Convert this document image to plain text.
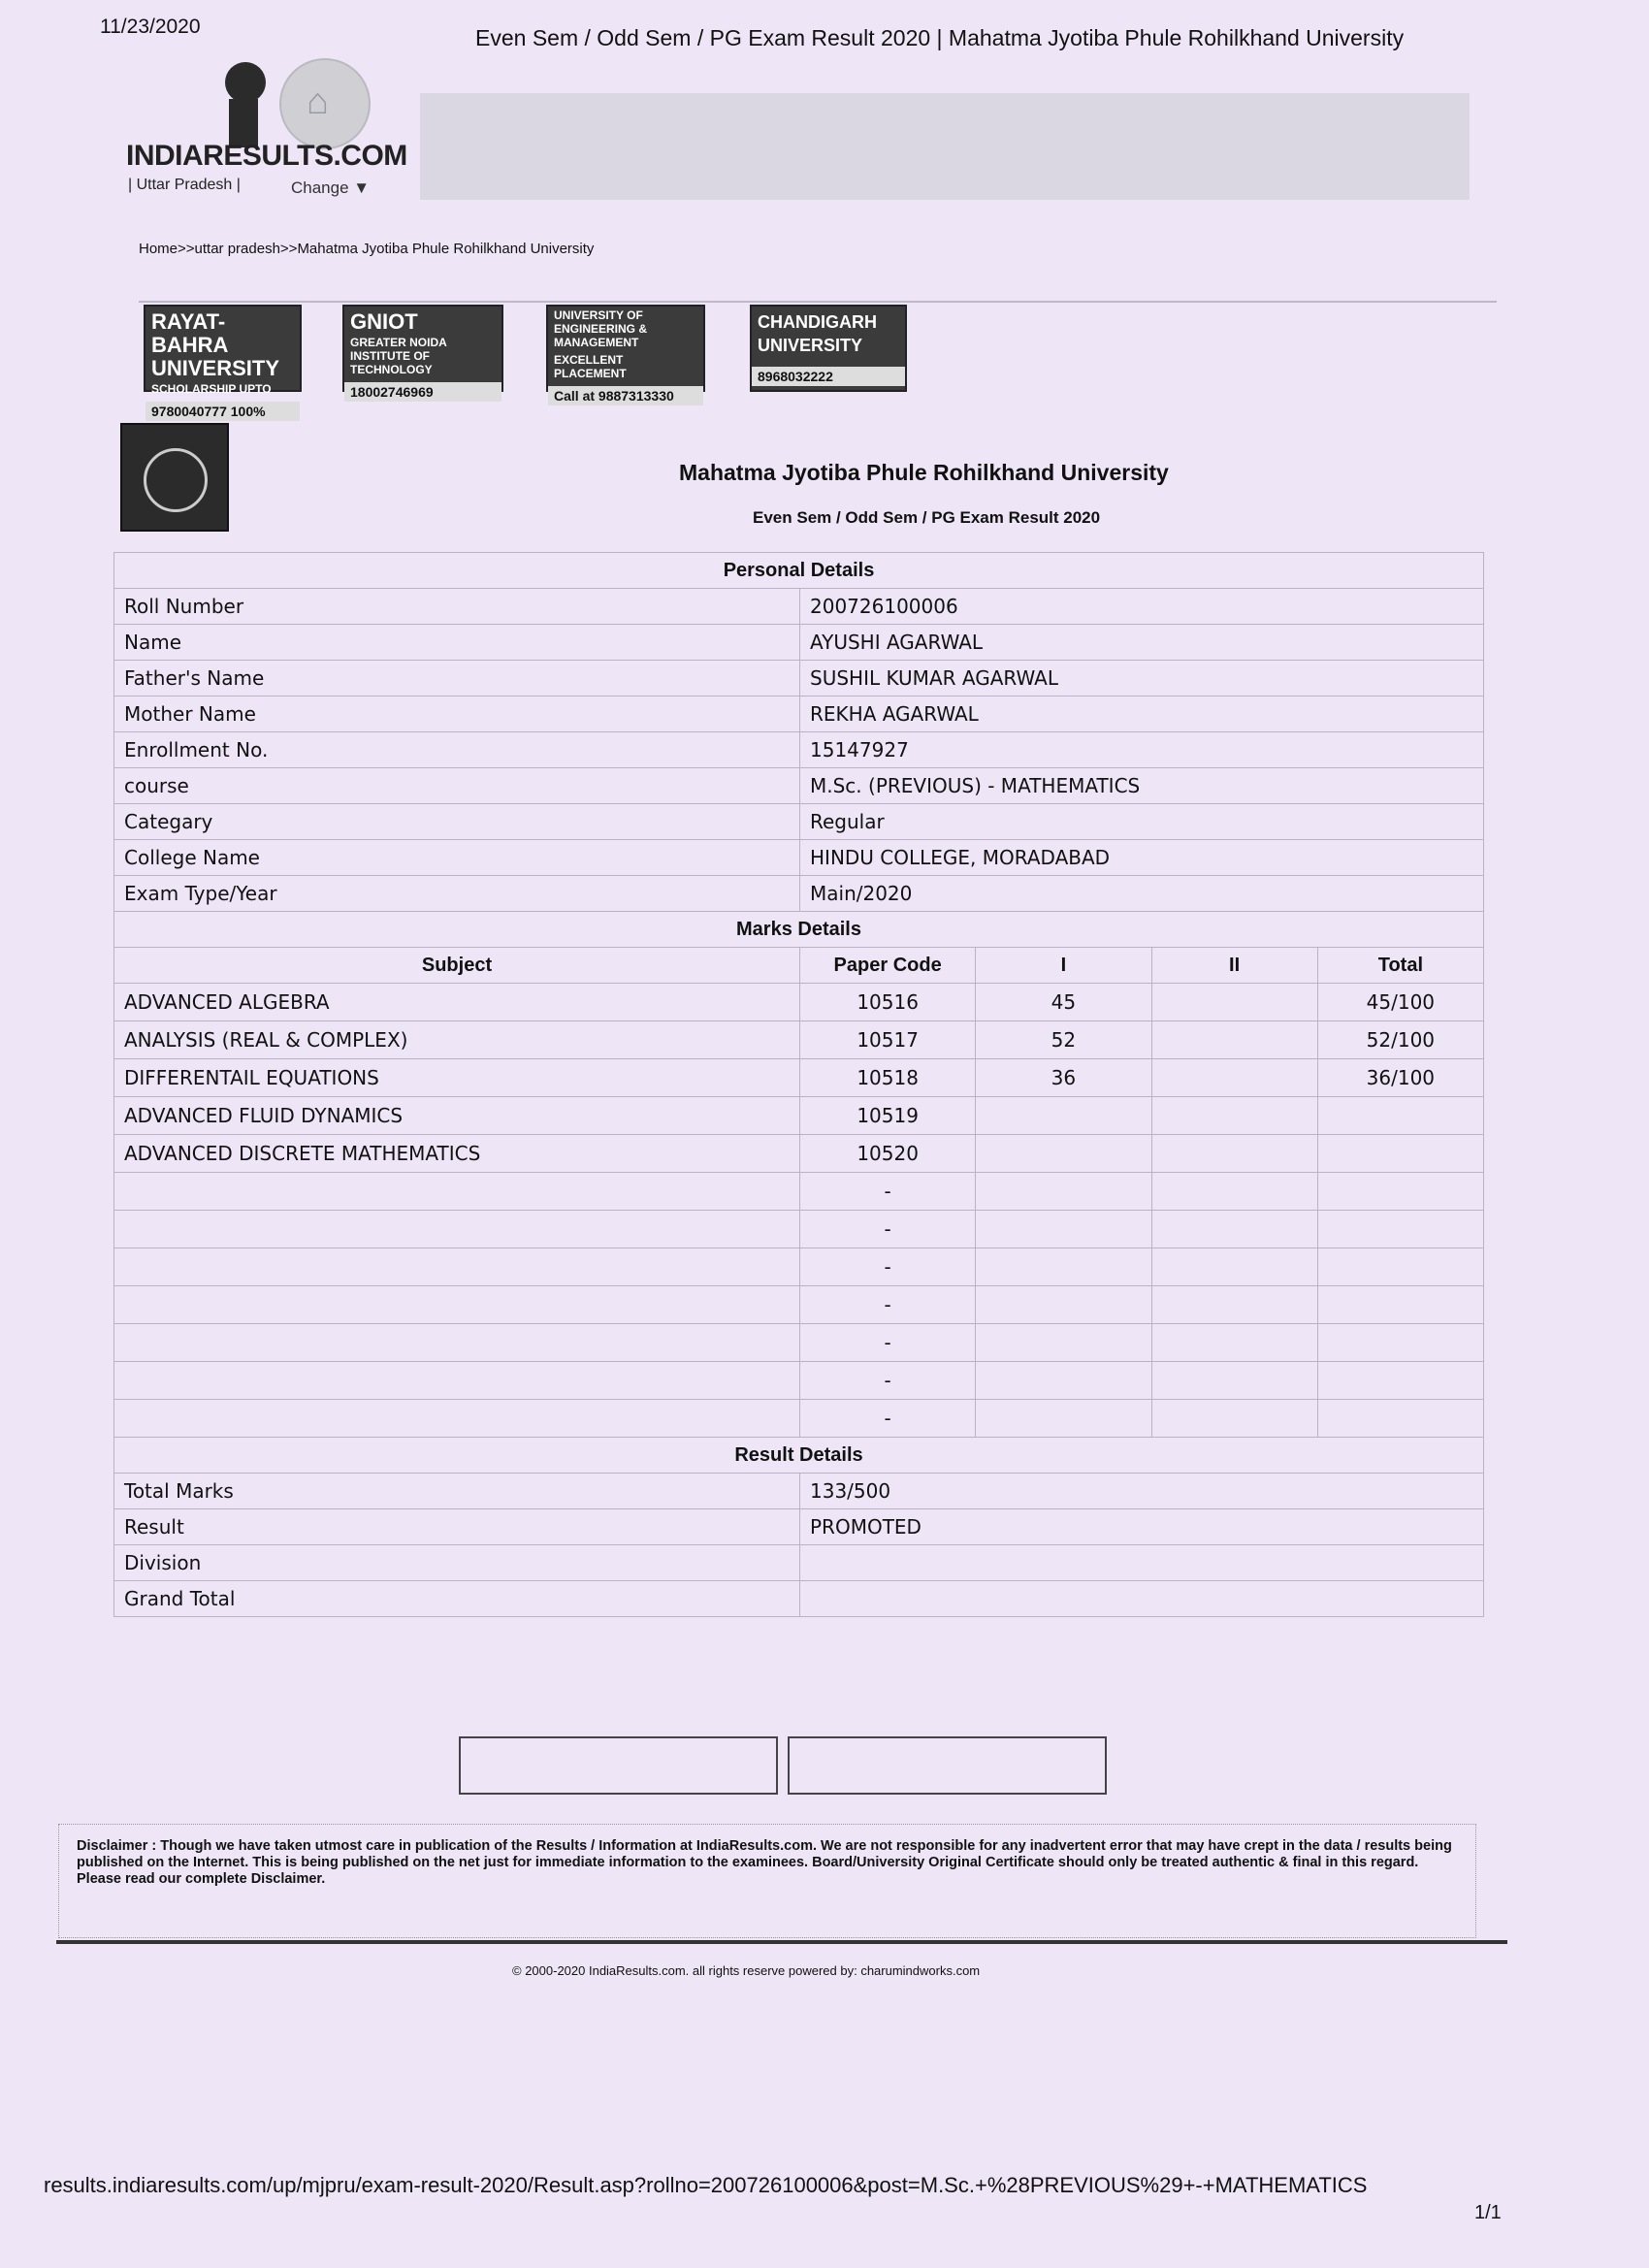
11/23/2020	Even Sem / Odd Sem / PG Exam Result 2020 | Mahatma Jyotiba Phule Rohilkhand University
⌂
INDIARESULTS.COM
| Uttar Pradesh |	Change ▼
Home>>uttar pradesh>>Mahatma Jyotiba Phule Rohilkhand University
RAYAT-BAHRA UNIVERSITY
SCHOLARSHIP UPTO
9780040777 100%
GNIOT
GREATER NOIDA INSTITUTE OF TECHNOLOGY
18002746969
UNIVERSITY OF ENGINEERING & MANAGEMENT
EXCELLENT PLACEMENT
Call at 9887313330
CHANDIGARH UNIVERSITY
8968032222
Mahatma Jyotiba Phule Rohilkhand University
Even Sem / Odd Sem / PG Exam Result 2020
Personal Details				
Roll Number	200726100006			
Name	AYUSHI AGARWAL			
Father's Name	SUSHIL KUMAR AGARWAL			
Mother Name	REKHA AGARWAL			
Enrollment No.	15147927			
course	M.Sc. (PREVIOUS) - MATHEMATICS			
Categary	Regular			
College Name	HINDU COLLEGE, MORADABAD			
Exam Type/Year	Main/2020			
Marks Details				
Subject	Paper Code	I	II	Total
ADVANCED ALGEBRA	10516	45		45/100
ANALYSIS (REAL & COMPLEX)	10517	52		52/100
DIFFERENTAIL EQUATIONS	10518	36		36/100
ADVANCED FLUID DYNAMICS	10519			
ADVANCED DISCRETE MATHEMATICS	10520			
	-			
	-			
	-			
	-			
	-			
	-			
	-			
Result Details				
Total Marks	133/500			
Result	PROMOTED			
Division				
Grand Total				
Disclaimer : Though we have taken utmost care in publication of the Results / Information at IndiaResults.com. We are not responsible for any inadvertent error that may have crept in the data / results being published on the Internet. This is being published on the net just for immediate information to the examinees. Board/University Original Certificate should only be treated authentic & final in this regard. Please read our complete Disclaimer.
© 2000-2020 IndiaResults.com. all rights reserve powered by: charumindworks.com
results.indiaresults.com/up/mjpru/exam-result-2020/Result.asp?rollno=200726100006&post=M.Sc.+%28PREVIOUS%29+-+MATHEMATICS
1/1
